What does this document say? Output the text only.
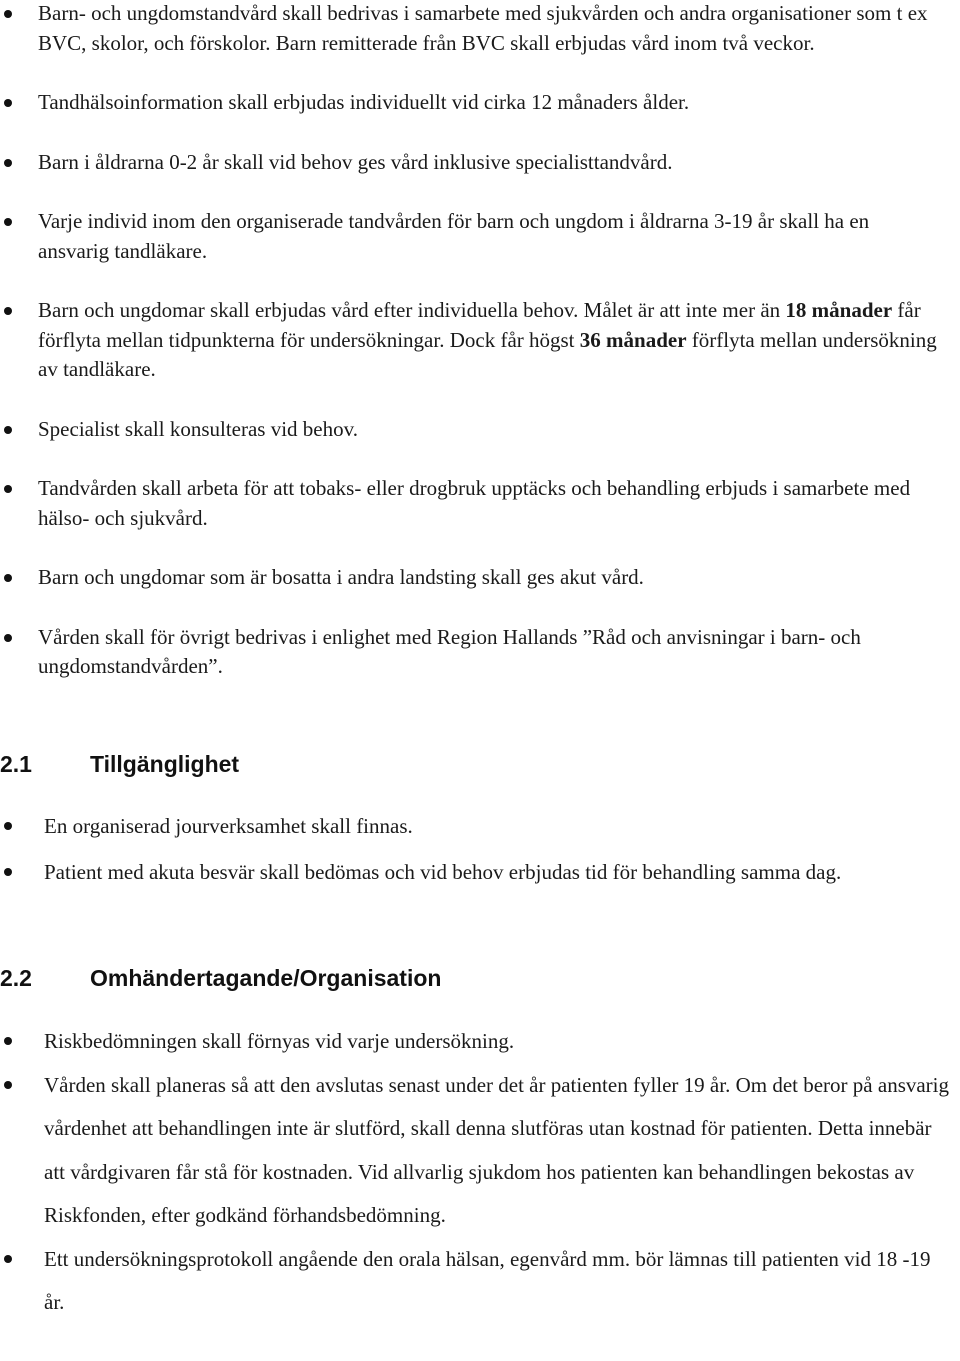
Barn- och ungdomstandvård skall bedrivas i samarbete med sjukvården och andra organisationer som t ex BVC, skolor, och förskolor. Barn remitterade från BVC skall erbjudas vård inom två veckor.
Tandhälsoinformation skall erbjudas individuellt vid cirka 12 månaders ålder.
Barn i åldrarna 0-2 år skall vid behov ges vård inklusive specialisttandvård.
Varje individ inom den organiserade tandvården för barn och ungdom i åldrarna 3-19 år skall ha en ansvarig tandläkare.
Barn och ungdomar skall erbjudas vård efter individuella behov. Målet är att inte mer än 18 månader får förflyta mellan tidpunkterna för undersökningar. Dock får högst 36 månader förflyta mellan undersökning av tandläkare.
Specialist skall konsulteras vid behov.
Tandvården skall arbeta för att tobaks- eller drogbruk upptäcks och behandling erbjuds i samarbete med hälso- och sjukvård.
Barn och ungdomar som är bosatta i andra landsting skall ges akut vård.
Vården skall för övrigt bedrivas i enlighet med Region Hallands ”Råd och anvisningar i barn- och ungdomstandvården”.
2.1	Tillgänglighet
En organiserad jourverksamhet skall finnas.
Patient med akuta besvär skall bedömas och vid behov erbjudas tid för behandling samma dag.
2.2	Omhändertagande/Organisation
Riskbedömningen skall förnyas vid varje undersökning.
Vården skall planeras så att den avslutas senast under det år patienten fyller 19 år. Om det beror på ansvarig vårdenhet att behandlingen inte är slutförd, skall denna slutföras utan kostnad för patienten. Detta innebär att vårdgivaren får stå för kostnaden. Vid allvarlig sjukdom hos patienten kan behandlingen bekostas av Riskfonden, efter godkänd förhandsbedömning.
Ett undersökningsprotokoll angående den orala hälsan, egenvård mm. bör lämnas till patienten vid 18 -19 år.
